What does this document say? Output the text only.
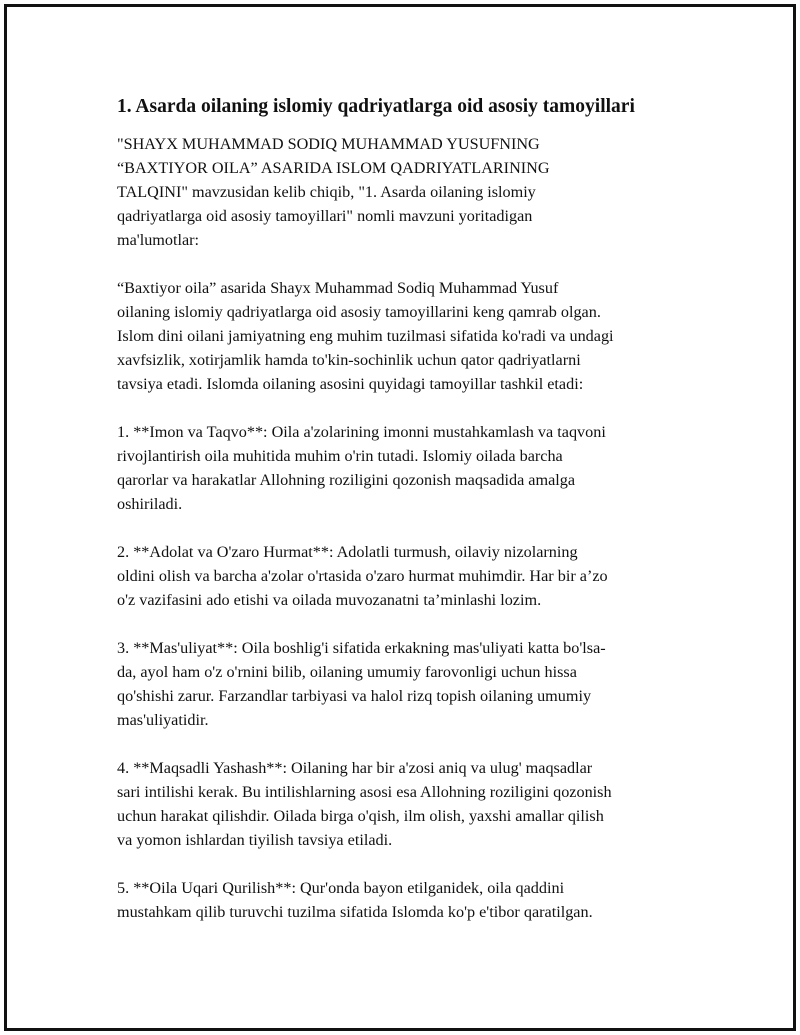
1. Asarda oilaning islomiy qadriyatlarga oid asosiy tamoyillari

"SHAYX MUHAMMAD SODIQ MUHAMMAD YUSUFNING
“BAXTIYOR OILA” ASARIDA ISLOM QADRIYATLARINING
TALQINI" mavzusidan kelib chiqib, "1. Asarda oilaning islomiy
qadriyatlarga oid asosiy tamoyillari" nomli mavzuni yoritadigan
ma'lumotlar:

“Baxtiyor oila” asarida Shayx Muhammad Sodiq Muhammad Yusuf
oilaning islomiy qadriyatlarga oid asosiy tamoyillarini keng qamrab olgan.
Islom dini oilani jamiyatning eng muhim tuzilmasi sifatida ko'radi va undagi
xavfsizlik, xotirjamlik hamda to'kin-sochinlik uchun qator qadriyatlarni
tavsiya etadi. Islomda oilaning asosini quyidagi tamoyillar tashkil etadi:

1. **Imon va Taqvo**: Oila a'zolarining imonni mustahkamlash va taqvoni
rivojlantirish oila muhitida muhim o'rin tutadi. Islomiy oilada barcha
qarorlar va harakatlar Allohning roziligini qozonish maqsadida amalga
oshiriladi.

2. **Adolat va O'zaro Hurmat**: Adolatli turmush, oilaviy nizolarning
oldini olish va barcha a'zolar o'rtasida o'zaro hurmat muhimdir. Har bir a’zo
o'z vazifasini ado etishi va oilada muvozanatni ta’minlashi lozim.

3. **Mas'uliyat**: Oila boshlig'i sifatida erkakning mas'uliyati katta bo'lsa-
da, ayol ham o'z o'rnini bilib, oilaning umumiy farovonligi uchun hissa
qo'shishi zarur. Farzandlar tarbiyasi va halol rizq topish oilaning umumiy
mas'uliyatidir.

4. **Maqsadli Yashash**: Oilaning har bir a'zosi aniq va ulug' maqsadlar
sari intilishi kerak. Bu intilishlarning asosi esa Allohning roziligini qozonish
uchun harakat qilishdir. Oilada birga o'qish, ilm olish, yaxshi amallar qilish
va yomon ishlardan tiyilish tavsiya etiladi.

5. **Oila Uqari Qurilish**: Qur'onda bayon etilganidek, oila qaddini
mustahkam qilib turuvchi tuzilma sifatida Islomda ko'p e'tibor qaratilgan.
